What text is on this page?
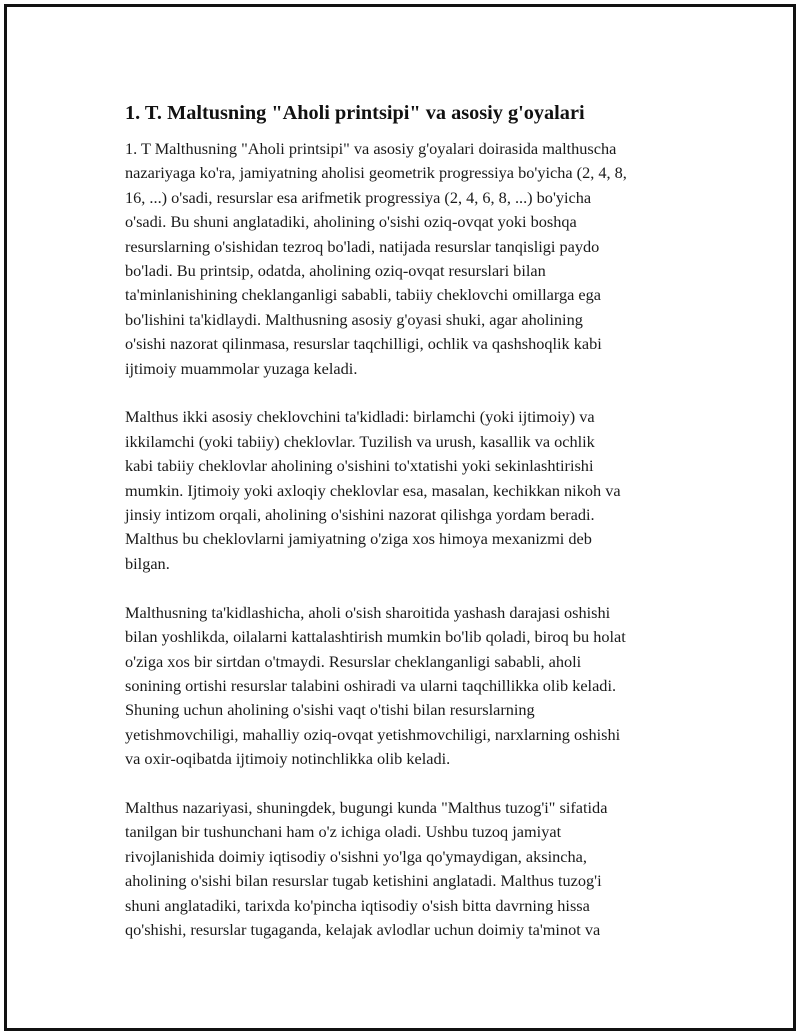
1. T. Maltusning "Aholi printsipi" va asosiy g'oyalari

1. T Malthusning "Aholi printsipi" va asosiy g'oyalari doirasida malthuscha
nazariyaga ko'ra, jamiyatning aholisi geometrik progressiya bo'yicha (2, 4, 8,
16, ...) o'sadi, resurslar esa arifmetik progressiya (2, 4, 6, 8, ...) bo'yicha
o'sadi. Bu shuni anglatadiki, aholining o'sishi oziq-ovqat yoki boshqa
resurslarning o'sishidan tezroq bo'ladi, natijada resurslar tanqisligi paydo
bo'ladi. Bu printsip, odatda, aholining oziq-ovqat resurslari bilan
ta'minlanishining cheklanganligi sababli, tabiiy cheklovchi omillarga ega
bo'lishini ta'kidlaydi. Malthusning asosiy g'oyasi shuki, agar aholining
o'sishi nazorat qilinmasa, resurslar taqchilligi, ochlik va qashshoqlik kabi
ijtimoiy muammolar yuzaga keladi.

Malthus ikki asosiy cheklovchini ta'kidladi: birlamchi (yoki ijtimoiy) va
ikkilamchi (yoki tabiiy) cheklovlar. Tuzilish va urush, kasallik va ochlik
kabi tabiiy cheklovlar aholining o'sishini to'xtatishi yoki sekinlashtirishi
mumkin. Ijtimoiy yoki axloqiy cheklovlar esa, masalan, kechikkan nikoh va
jinsiy intizom orqali, aholining o'sishini nazorat qilishga yordam beradi.
Malthus bu cheklovlarni jamiyatning o'ziga xos himoya mexanizmi deb
bilgan.

Malthusning ta'kidlashicha, aholi o'sish sharoitida yashash darajasi oshishi
bilan yoshlikda, oilalarni kattalashtirish mumkin bo'lib qoladi, biroq bu holat
o'ziga xos bir sirtdan o'tmaydi. Resurslar cheklanganligi sababli, aholi
sonining ortishi resurslar talabini oshiradi va ularni taqchillikka olib keladi.
Shuning uchun aholining o'sishi vaqt o'tishi bilan resurslarning
yetishmovchiligi, mahalliy oziq-ovqat yetishmovchiligi, narxlarning oshishi
va oxir-oqibatda ijtimoiy notinchlikka olib keladi.

Malthus nazariyasi, shuningdek, bugungi kunda "Malthus tuzog'i" sifatida
tanilgan bir tushunchani ham o'z ichiga oladi. Ushbu tuzoq jamiyat
rivojlanishida doimiy iqtisodiy o'sishni yo'lga qo'ymaydigan, aksincha,
aholining o'sishi bilan resurslar tugab ketishini anglatadi. Malthus tuzog'i
shuni anglatadiki, tarixda ko'pincha iqtisodiy o'sish bitta davrning hissa
qo'shishi, resurslar tugaganda, kelajak avlodlar uchun doimiy ta'minot va
